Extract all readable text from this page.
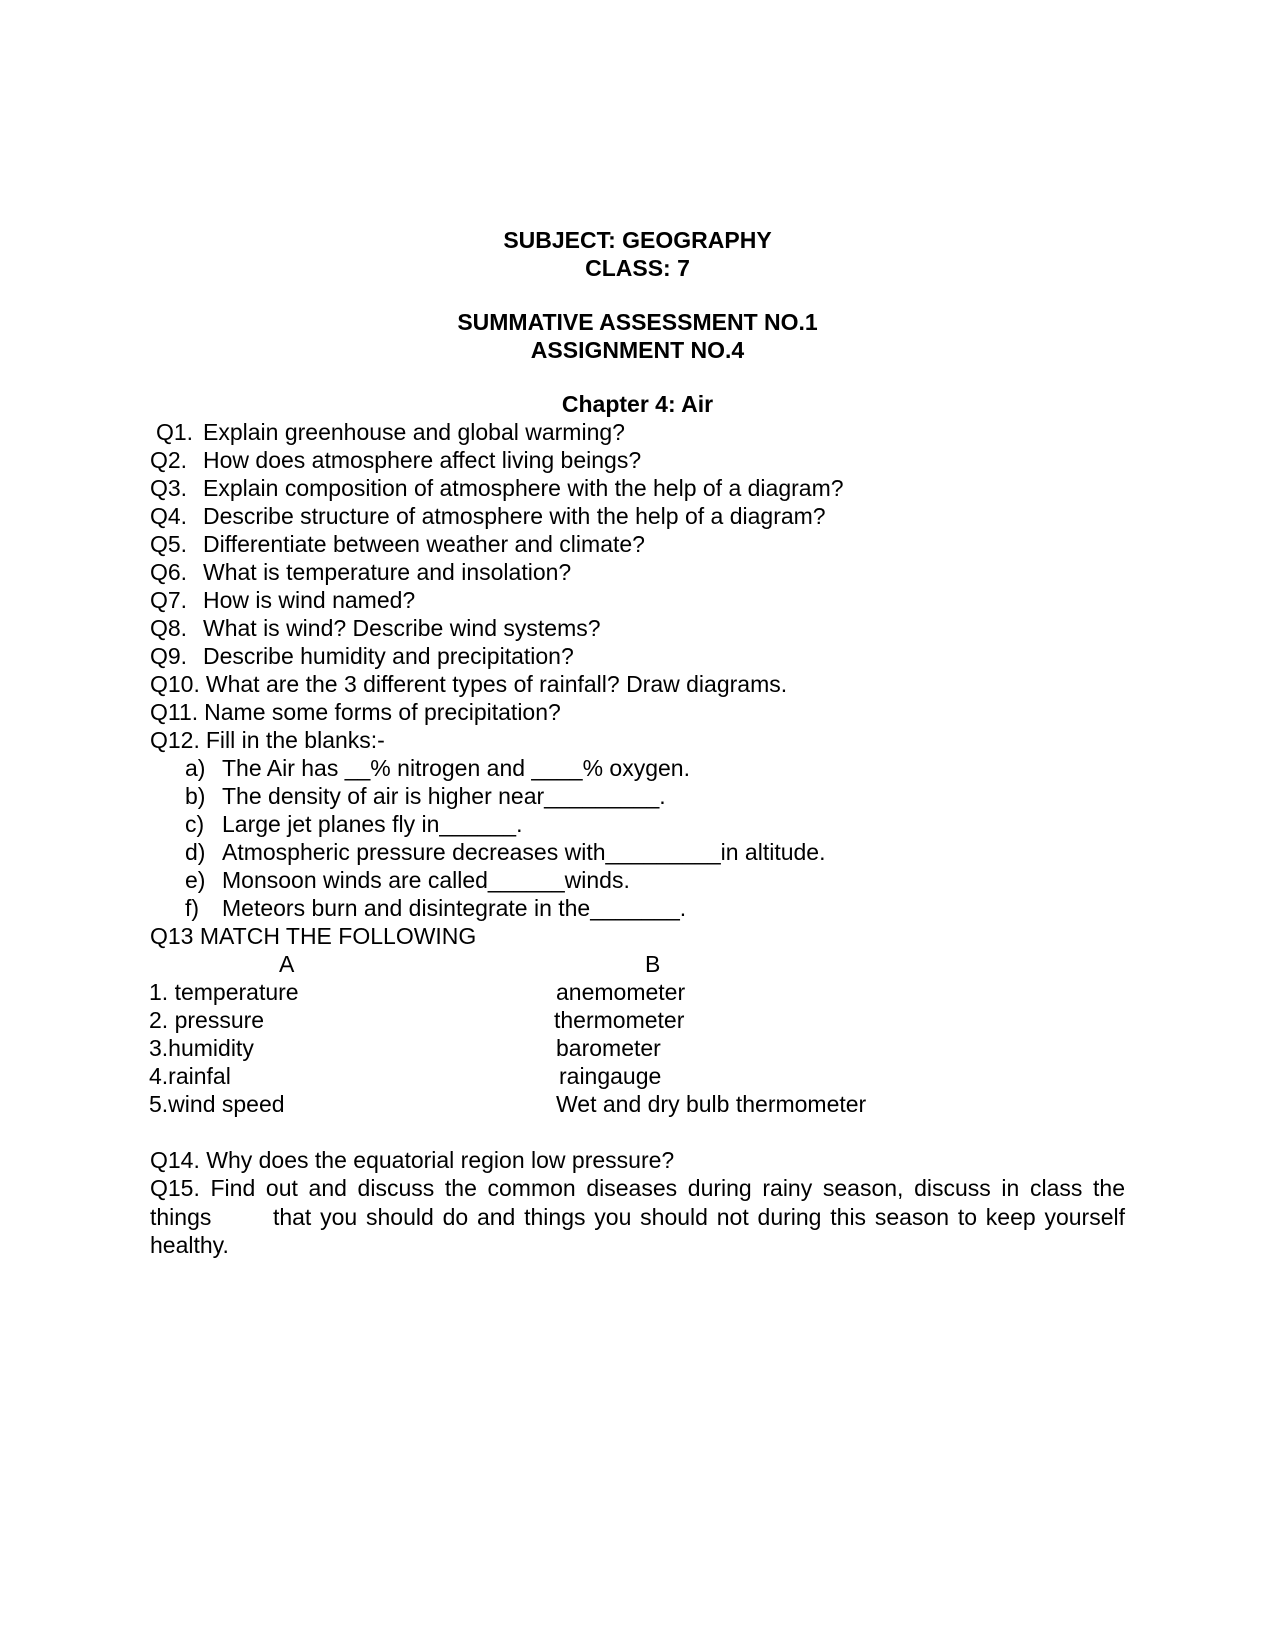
SUBJECT: GEOGRAPHY
CLASS: 7
SUMMATIVE ASSESSMENT NO.1
ASSIGNMENT NO.4
Chapter 4: Air
Q1. Explain greenhouse and global warming?
Q2. How does atmosphere affect living beings?
Q3. Explain composition of atmosphere with the help of a diagram?
Q4. Describe structure of atmosphere with the help of a diagram?
Q5. Differentiate between weather and climate?
Q6. What is temperature and insolation?
Q7. How is wind named?
Q8. What is wind? Describe wind systems?
Q9. Describe humidity and precipitation?
Q10. What are the 3 different types of rainfall? Draw diagrams.
Q11. Name some forms of precipitation?
Q12. Fill in the blanks:-
a) The Air has __% nitrogen and ____% oxygen.
b) The density of air is higher near_________.
c) Large jet planes fly in______.
d) Atmospheric pressure decreases with_________in altitude.
e) Monsoon winds are called______winds.
f) Meteors burn and disintegrate in the_______.
Q13 MATCH THE FOLLOWING
A	B
1. temperature
2. pressure
3.humidity
4.rainfal
5.wind speed
anemometer
thermometer
barometer
raingauge
Wet and dry bulb thermometer
Q14. Why does the equatorial region low pressure?
Q15. Find out and discuss the common diseases during rainy season, discuss in class the things       that you should do and things you should not during this season to keep yourself healthy.
